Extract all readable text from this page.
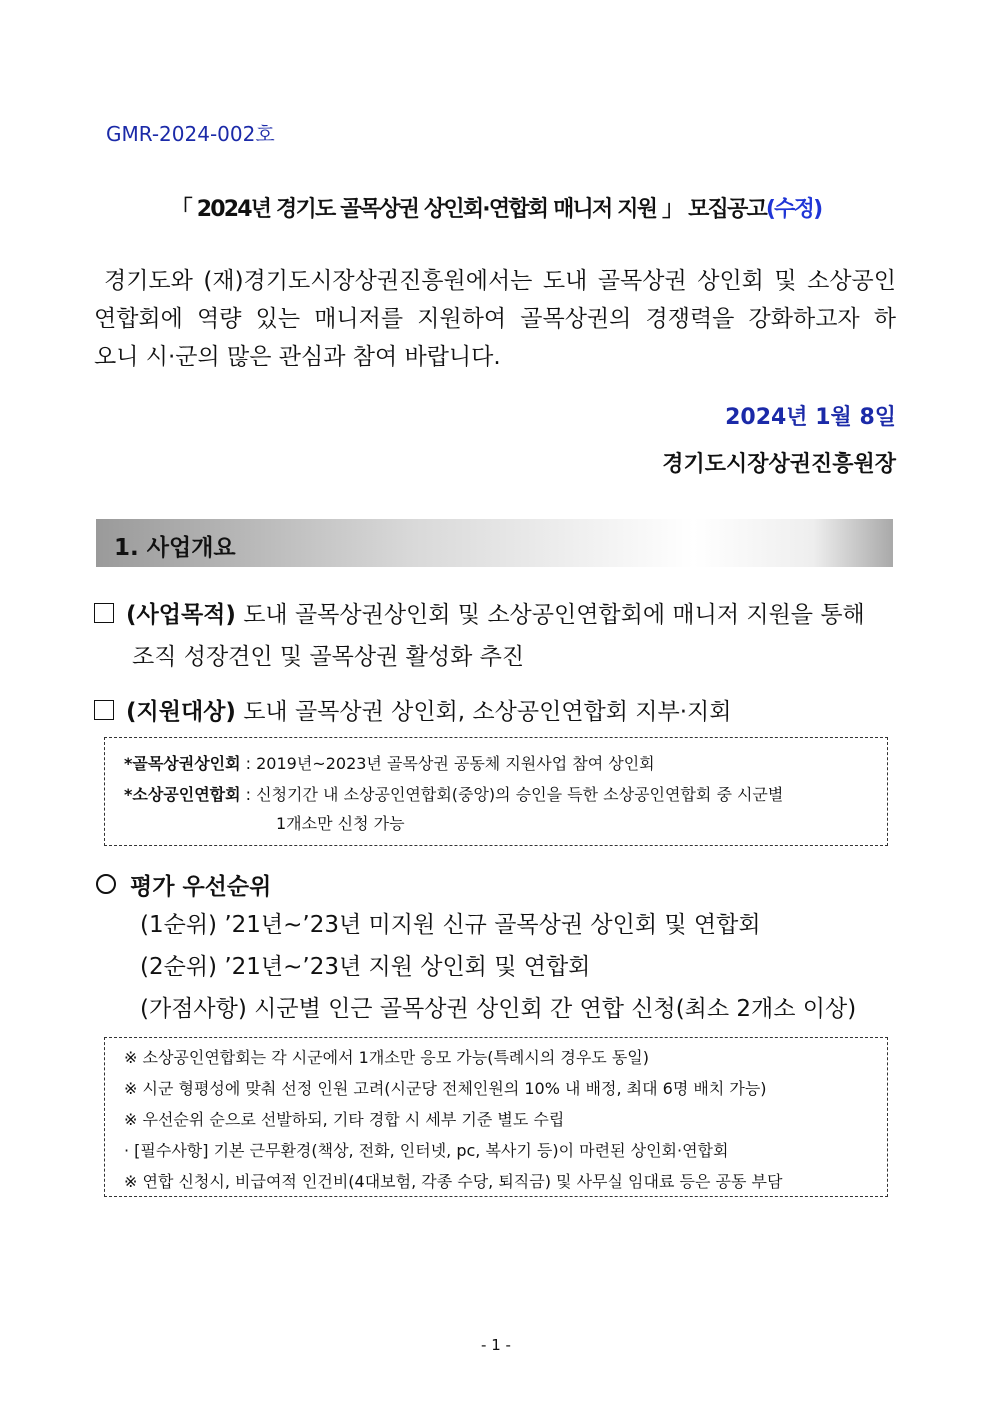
GMR-2024-002호
「 2024년 경기도 골목상권 상인회·연합회 매니저 지원 」 모집공고(수정)
경기도와 (재)경기도시장상권진흥원에서는 도내 골목상권 상인회 및 소상공인
연합회에 역량 있는 매니저를 지원하여 골목상권의 경쟁력을 강화하고자 하
오니 시·군의 많은 관심과 참여 바랍니다.
2024년 1월 8일
경기도시장상권진흥원장
1. 사업개요
(사업목적) 도내 골목상권상인회 및 소상공인연합회에 매니저 지원을 통해
조직 성장견인 및 골목상권 활성화 추진
(지원대상) 도내 골목상권 상인회, 소상공인연합회 지부·지회
*골목상권상인회 : 2019년~2023년 골목상권 공동체 지원사업 참여 상인회
*소상공인연합회 : 신청기간 내 소상공인연합회(중앙)의 승인을 득한 소상공인연합회 중 시군별
1개소만 신청 가능
평가 우선순위
(1순위) ’21년~’23년 미지원 신규 골목상권 상인회 및 연합회
(2순위) ’21년~’23년 지원 상인회 및 연합회
(가점사항) 시군별 인근 골목상권 상인회 간 연합 신청(최소 2개소 이상)
※ 소상공인연합회는 각 시군에서 1개소만 응모 가능(특례시의 경우도 동일)
※ 시군 형평성에 맞춰 선정 인원 고려(시군당 전체인원의 10% 내 배정, 최대 6명 배치 가능)
※ 우선순위 순으로 선발하되, 기타 경합 시 세부 기준 별도 수립
· [필수사항] 기본 근무환경(책상, 전화, 인터넷, pc, 복사기 등)이 마련된 상인회·연합회
※ 연합 신청시, 비급여적 인건비(4대보험, 각종 수당, 퇴직금) 및 사무실 임대료 등은 공동 부담
- 1 -
